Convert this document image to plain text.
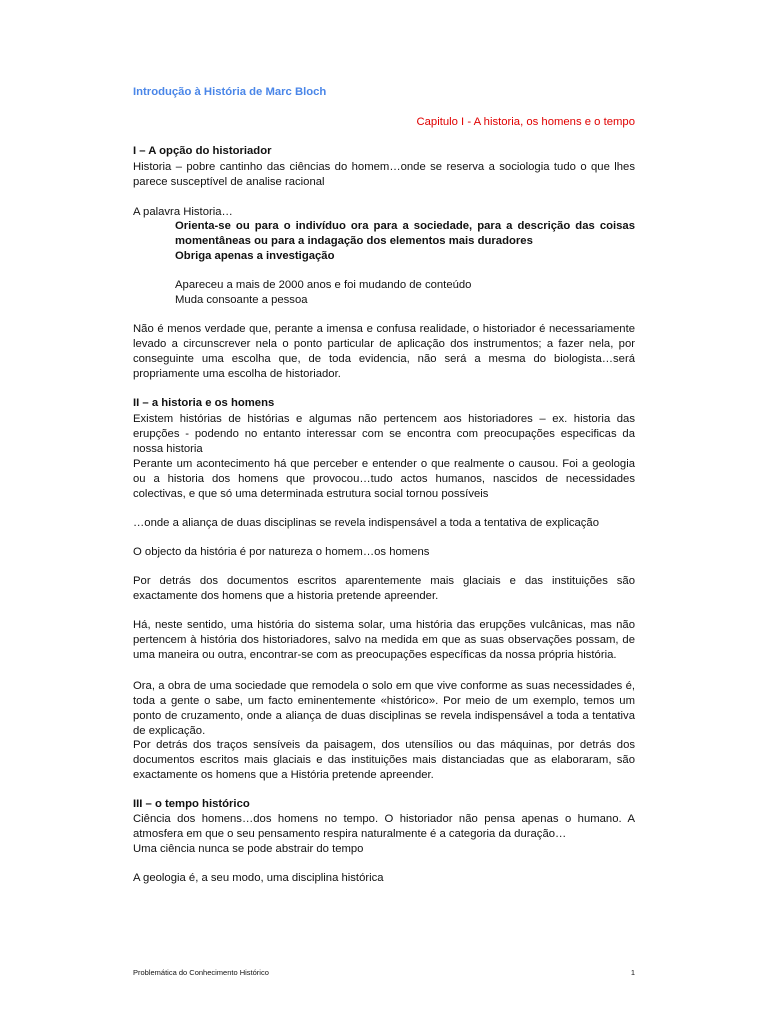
Introdução à História de Marc Bloch
Capitulo I - A historia, os homens e o tempo
I – A opção do historiador
Historia – pobre cantinho das ciências do homem…onde se reserva a sociologia tudo o que lhes parece susceptível de analise racional
A palavra Historia…
Orienta-se ou para o indivíduo ora para a sociedade, para a descrição das coisas momentâneas ou para a indagação dos elementos mais duradores
Obriga apenas a investigação
Apareceu a mais de 2000 anos e foi mudando de conteúdo
Muda consoante a pessoa
Não é menos verdade que, perante a imensa e confusa realidade, o historiador é necessariamente levado a circunscrever nela o ponto particular de aplicação dos instrumentos; a fazer nela, por conseguinte uma escolha que, de toda evidencia, não será a mesma do biologista…será propriamente uma escolha de historiador.
II – a historia e os homens
Existem histórias de histórias e algumas não pertencem aos historiadores – ex. historia das erupções - podendo no entanto interessar com se encontra com preocupações especificas da nossa historia
Perante um acontecimento há que perceber e entender o que realmente o causou. Foi a geologia ou a historia dos homens que provocou…tudo actos humanos, nascidos de necessidades colectivas, e que só uma determinada estrutura social tornou possíveis
…onde a aliança de duas disciplinas se revela indispensável a toda a tentativa de explicação
O objecto da história é por natureza o homem…os homens
Por detrás dos documentos escritos aparentemente mais glaciais e das instituições são exactamente dos homens que a historia pretende apreender.
Há, neste sentido, uma história do sistema solar, uma história das erupções vulcânicas, mas não pertencem à história dos historiadores, salvo na medida em que as suas observações possam, de uma maneira ou outra, encontrar-se com as preocupações específicas da nossa própria história.
Ora, a obra de uma sociedade que remodela o solo em que vive conforme as suas necessidades é, toda a gente o sabe, um facto eminentemente «histórico». Por meio de um exemplo, temos um ponto de cruzamento, onde a aliança de duas disciplinas se revela indispensável a toda a tentativa de explicação.
Por detrás dos traços sensíveis da paisagem, dos utensílios ou das máquinas, por detrás dos documentos escritos mais glaciais e das instituições mais distanciadas que as elaboraram, são exactamente os homens que a História pretende apreender.
III – o tempo histórico
Ciência dos homens…dos homens no tempo. O historiador não pensa apenas o humano. A atmosfera em que o seu pensamento respira naturalmente é a categoria da duração…
Uma ciência nunca se pode abstrair do tempo
A geologia é, a seu modo, uma disciplina histórica
Problemática do Conhecimento Histórico	1
